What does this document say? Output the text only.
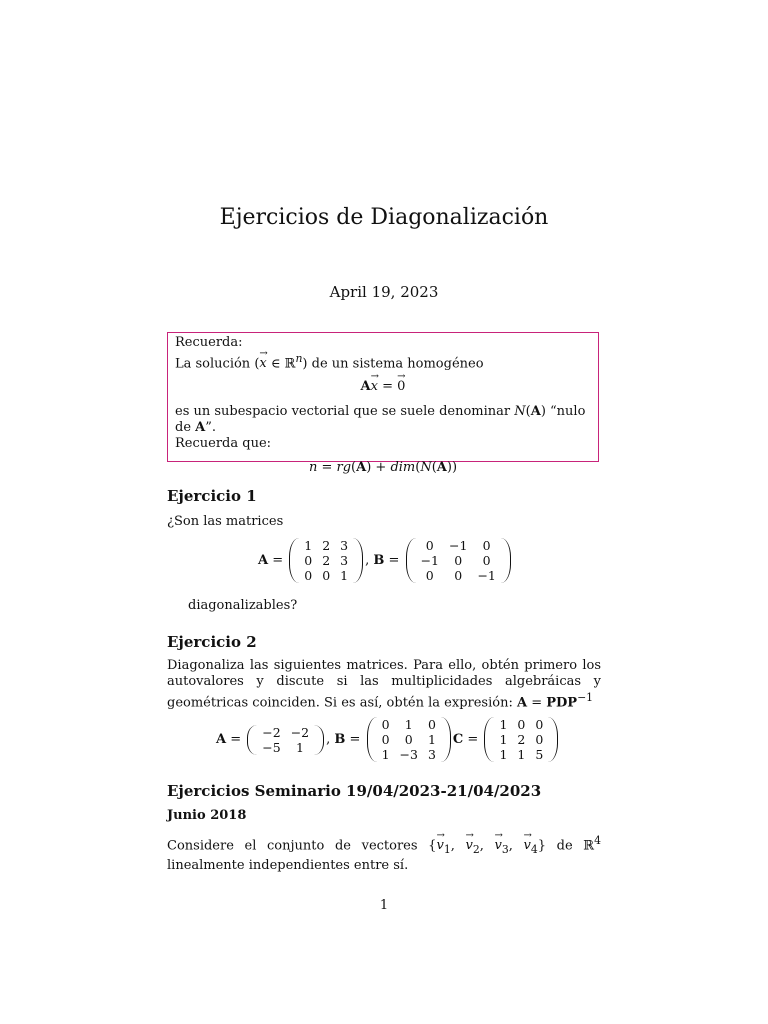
Ejercicios de Diagonalización
April 19, 2023
Recuerda:
La solución (x → ∈ ℝ$^n$) de un sistema homogéneo
Ax → = 0 →
es un subespacio vectorial que se suele denominar N(A) “nulo de A”.
Recuerda que:
n = rg(A) + dim(N(A))
Ejercicio 1
¿Son las matrices
A =
1	2	3
0	2	3
0	0	1
, B =
0	−1	0
−1	0	0
0	0	−1
diagonalizables?
Ejercicio 2
Diagonaliza las siguientes matrices. Para ello, obtén primero los autovalores y discute si las multiplicidades algebráicas y geométricas coinciden. Si es así, obtén la expresión: $A = PDP^{-1}$
A = −2	−2
−5	1 , B =
0	1	0
0	0	1
1	−3	3
C =
1	0	0
1	2	0
1	1	5
Ejercicios Seminario 19/04/2023-21/04/2023
Junio 2018
Considere el conjunto de vectores {$v \to_1$, $v \to_2$, $v \to_3$, $v \to_4$} de ℝ$^4$ linealmente independientes entre sí.
1
